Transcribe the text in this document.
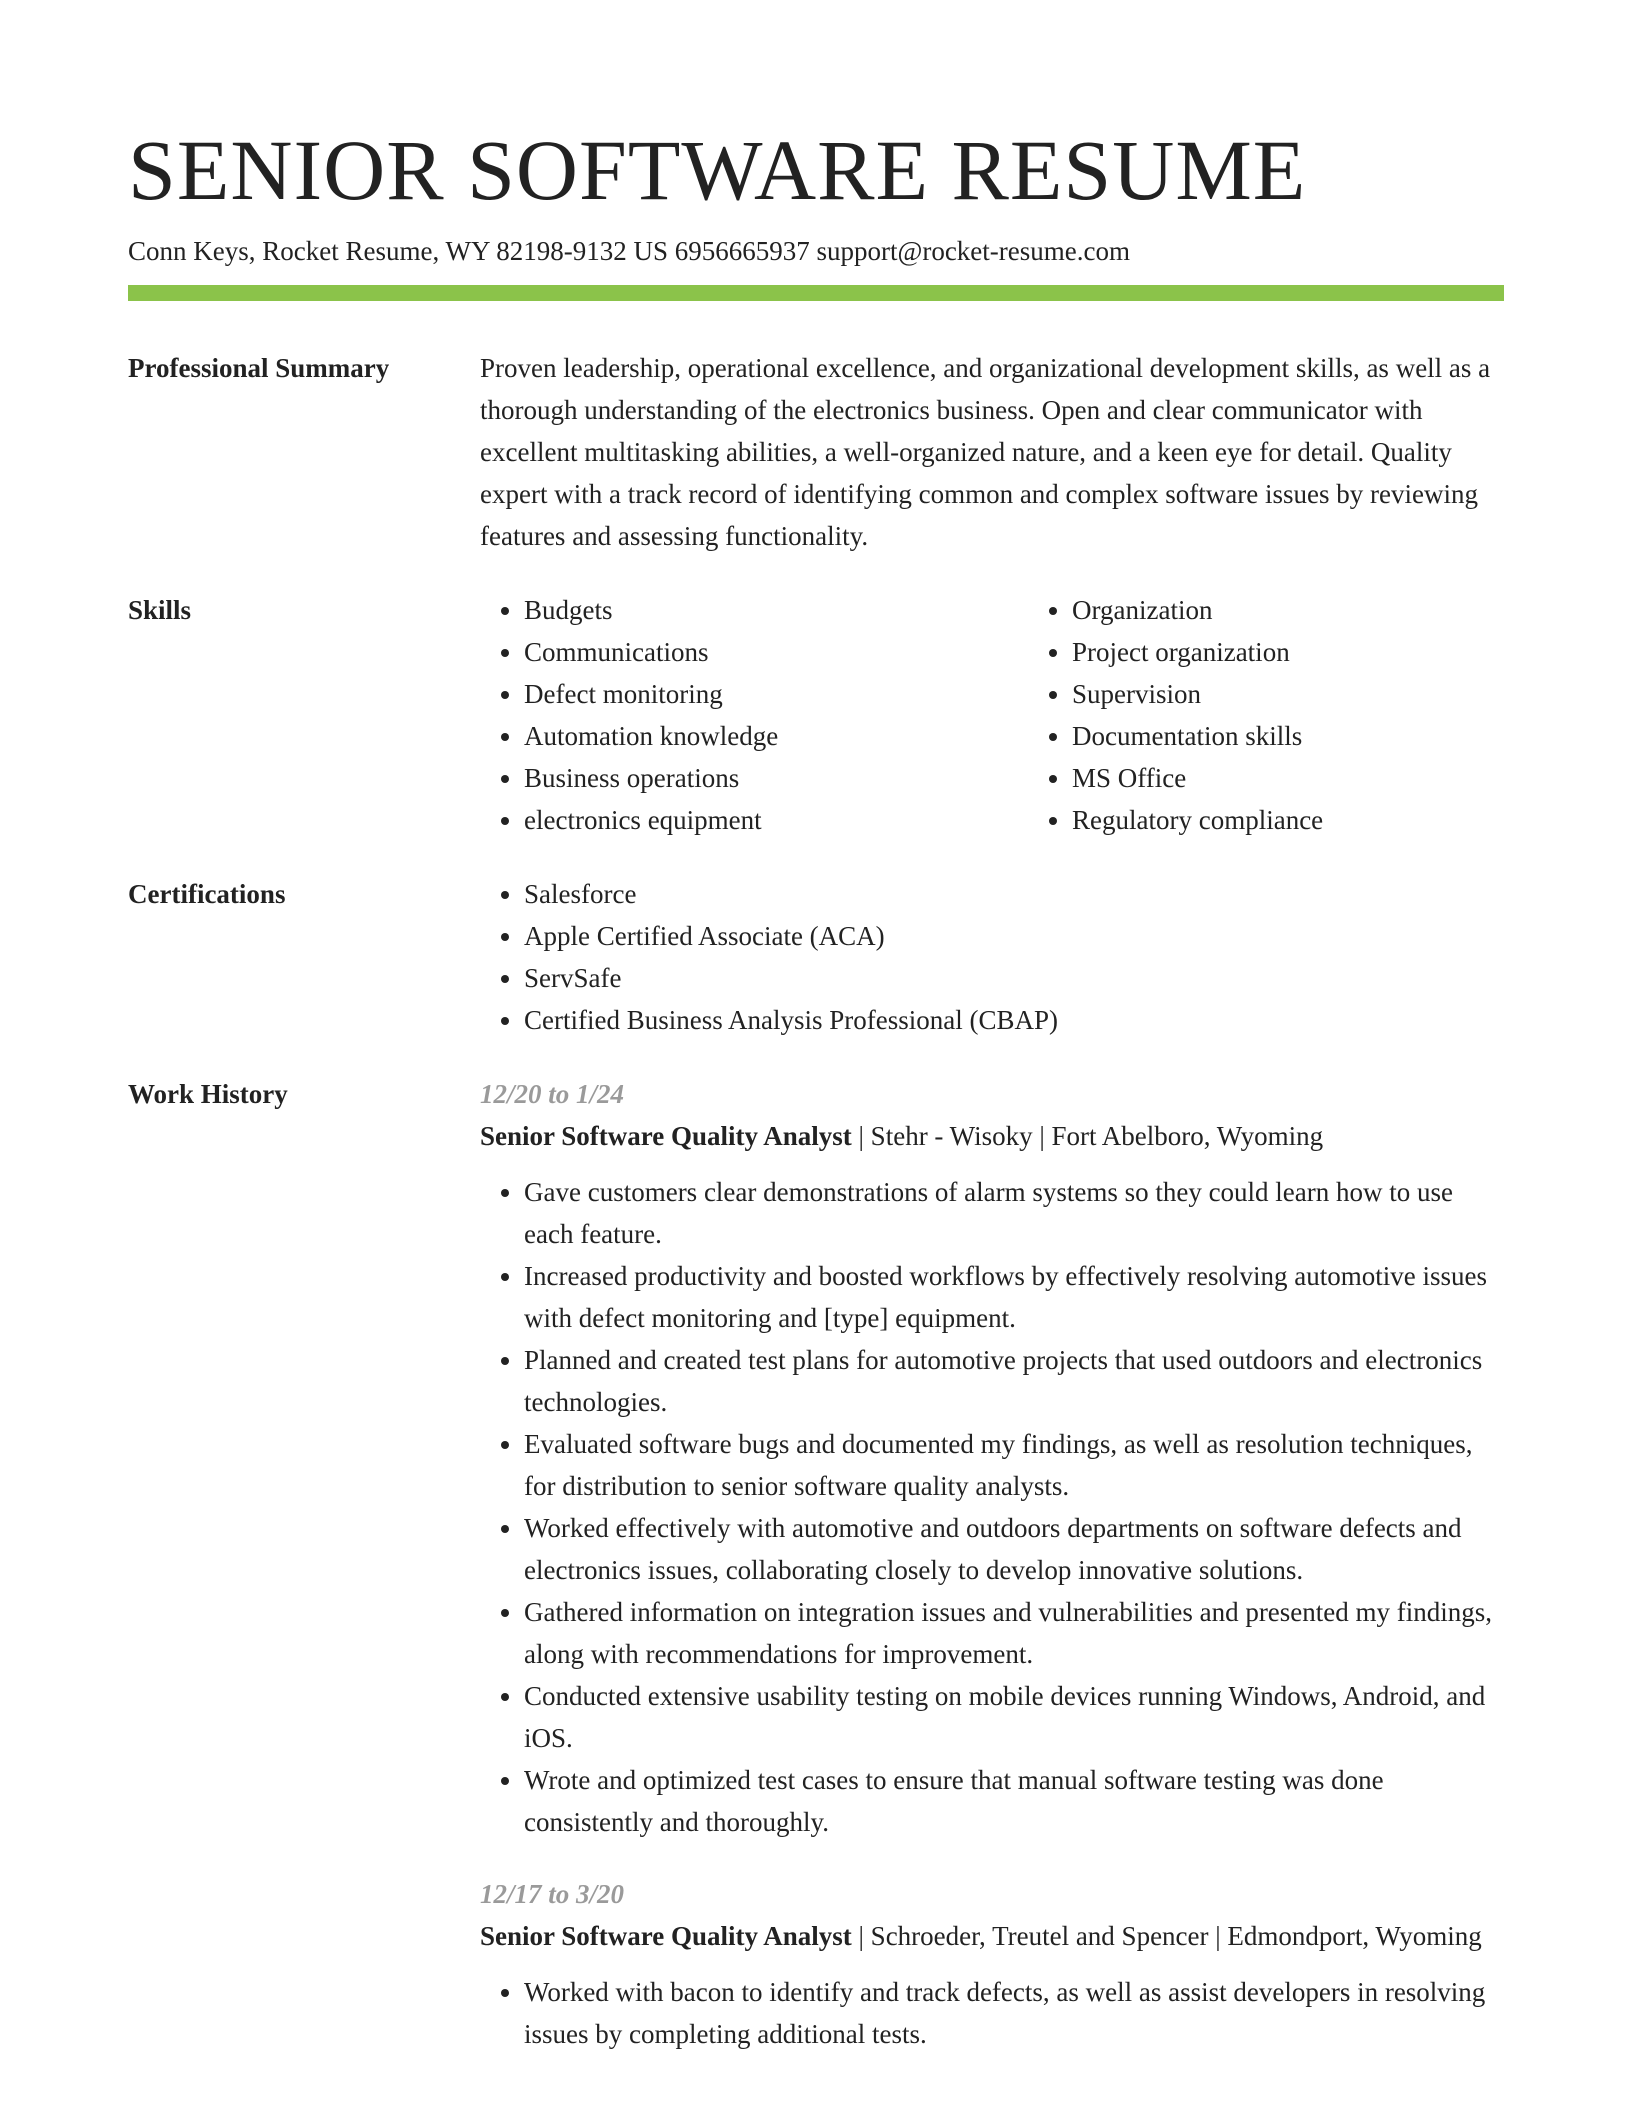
SENIOR SOFTWARE RESUME
Conn Keys, Rocket Resume, WY 82198-9132 US 6956665937 support@rocket-resume.com
Professional Summary	Proven leadership, operational excellence, and organizational development skills, as well as a thorough understanding of the electronics business. Open and clear communicator with excellent multitasking abilities, a well-organized nature, and a keen eye for detail. Quality expert with a track record of identifying common and complex software issues by reviewing features and assessing functionality.
Skills	• Budgets
• Communications
• Defect monitoring
• Automation knowledge
• Business operations
• electronics equipment
• Organization
• Project organization
• Supervision
• Documentation skills
• MS Office
• Regulatory compliance
Certifications	• Salesforce
• Apple Certified Associate (ACA)
• ServSafe
• Certified Business Analysis Professional (CBAP)
Work History	12/20 to 1/24
Senior Software Quality Analyst | Stehr - Wisoky | Fort Abelboro, Wyoming
• Gave customers clear demonstrations of alarm systems so they could learn how to use each feature.
• Increased productivity and boosted workflows by effectively resolving automotive issues with defect monitoring and [type] equipment.
• Planned and created test plans for automotive projects that used outdoors and electronics technologies.
• Evaluated software bugs and documented my findings, as well as resolution techniques, for distribution to senior software quality analysts.
• Worked effectively with automotive and outdoors departments on software defects and electronics issues, collaborating closely to develop innovative solutions.
• Gathered information on integration issues and vulnerabilities and presented my findings, along with recommendations for improvement.
• Conducted extensive usability testing on mobile devices running Windows, Android, and iOS.
• Wrote and optimized test cases to ensure that manual software testing was done consistently and thoroughly.
12/17 to 3/20
Senior Software Quality Analyst | Schroeder, Treutel and Spencer | Edmondport, Wyoming
• Worked with bacon to identify and track defects, as well as assist developers in resolving issues by completing additional tests.
